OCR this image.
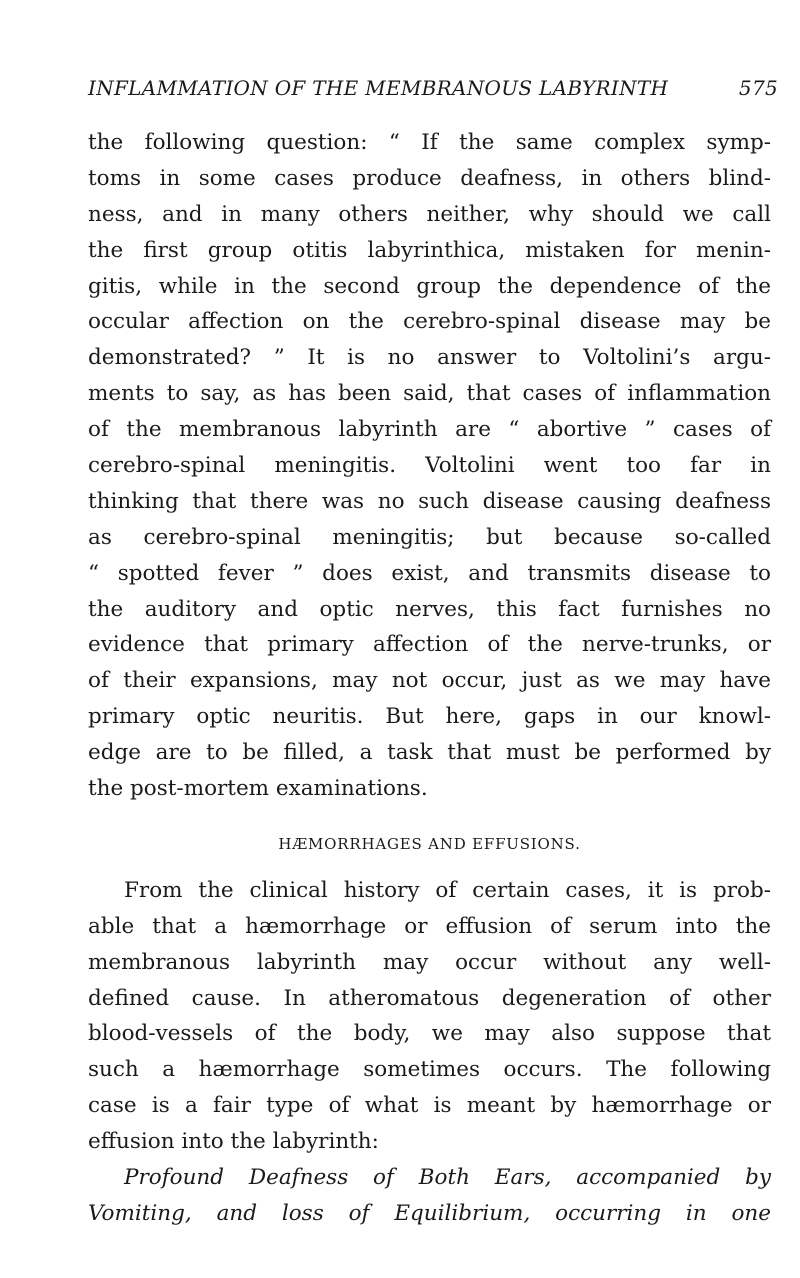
INFLAMMATION OF THE MEMBRANOUS LABYRINTH	575
the following question: “ If the same complex symp-
toms in some cases produce deafness, in others blind-
ness, and in many others neither, why should we call
the first group otitis labyrinthica, mistaken for menin-
gitis, while in the second group the dependence of the
occular affection on the cerebro-spinal disease may be
demonstrated? ” It is no answer to Voltolini’s argu-
ments to say, as has been said, that cases of inflammation
of the membranous labyrinth are “ abortive ” cases of
cerebro-spinal meningitis. Voltolini went too far in
thinking that there was no such disease causing deafness
as cerebro-spinal meningitis; but because so-called
“ spotted fever ” does exist, and transmits disease to
the auditory and optic nerves, this fact furnishes no
evidence that primary affection of the nerve-trunks, or
of their expansions, may not occur, just as we may have
primary optic neuritis. But here, gaps in our knowl-
edge are to be filled, a task that must be performed by
the post-mortem examinations.
HÆMORRHAGES AND EFFUSIONS.
From the clinical history of certain cases, it is prob-
able that a hæmorrhage or effusion of serum into the
membranous labyrinth may occur without any well-
defined cause. In atheromatous degeneration of other
blood-vessels of the body, we may also suppose that
such a hæmorrhage sometimes occurs. The following
case is a fair type of what is meant by hæmorrhage or
effusion into the labyrinth:
Profound Deafness of Both Ears, accompanied by
Vomiting, and loss of Equilibrium, occurring in one
